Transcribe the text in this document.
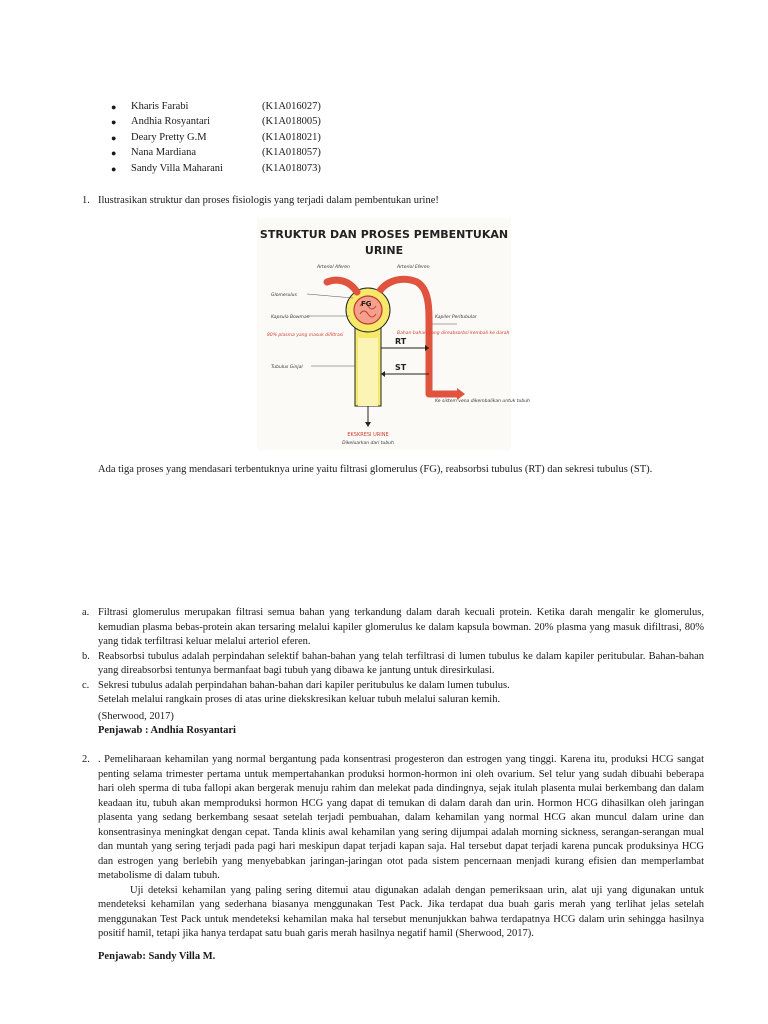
● Kharis Farabi	(K1A016027)
● Andhia Rosyantari	(K1A018005)
● Deary Pretty G.M	(K1A018021)
● Nana Mardiana	(K1A018057)
● Sandy Villa Maharani	(K1A018073)
1. Ilustrasikan struktur dan proses fisiologis yang terjadi dalam pembentukan urine!
STRUKTUR DAN PROSES PEMBENTUKAN
URINE
FG
RT
ST
Arteriol Aferen	Arteriol Eferen
Glomerulus
Kapsula Bowman	Kapiler Peritubular
Tubulus Ginjal
Ke sistem vena dikembalikan untuk tubuh
80% plasma yang masuk difiltrasi	Bahan-bahan yang direabsorbsi kembali ke darah
EKSKRESI URINE
Dikeluarkan dari tubuh
Ada tiga proses yang mendasari terbentuknya urine yaitu filtrasi glomerulus (FG), reabsorbsi tubulus (RT) dan sekresi tubulus (ST).
a. Filtrasi glomerulus merupakan filtrasi semua bahan yang terkandung dalam darah kecuali protein. Ketika darah mengalir ke glomerulus, kemudian plasma bebas-protein akan tersaring melalui kapiler glomerulus ke dalam kapsula bowman. 20% plasma yang masuk difiltrasi, 80% yang tidak terfiltrasi keluar melalui arteriol eferen.
b. Reabsorbsi tubulus adalah perpindahan selektif bahan-bahan yang telah terfiltrasi di lumen tubulus ke dalam kapiler peritubular. Bahan-bahan yang direabsorbsi tentunya bermanfaat bagi tubuh yang dibawa ke jantung untuk diresirkulasi.
c. Sekresi tubulus adalah perpindahan bahan-bahan dari kapiler peritubulus ke dalam lumen tubulus.
Setelah melalui rangkain proses di atas urine diekskresikan keluar tubuh melalui saluran kemih.
(Sherwood, 2017)
Penjawab : Andhia Rosyantari
2. . Pemeliharaan kehamilan yang normal bergantung pada konsentrasi progesteron dan estrogen yang tinggi. Karena itu, produksi HCG sangat penting selama trimester pertama untuk mempertahankan produksi hormon-hormon ini oleh ovarium. Sel telur yang sudah dibuahi beberapa hari oleh sperma di tuba fallopi akan bergerak menuju rahim dan melekat pada dindingnya, sejak itulah plasenta mulai berkembang dan dalam keadaan itu, tubuh akan memproduksi hormon HCG yang dapat di temukan di dalam darah dan urin. Hormon HCG dihasilkan oleh jaringan plasenta yang sedang berkembang sesaat setelah terjadi pembuahan, dalam kehamilan yang normal HCG akan muncul dalam urine dan konsentrasinya meningkat dengan cepat. Tanda klinis awal kehamilan yang sering dijumpai adalah morning sickness, serangan-serangan mual dan muntah yang sering terjadi pada pagi hari meskipun dapat terjadi kapan saja. Hal tersebut dapat terjadi karena puncak produksinya HCG dan estrogen yang berlebih yang menyebabkan jaringan-jaringan otot pada sistem pencernaan menjadi kurang efisien dan memperlambat metabolisme di dalam tubuh.

Uji deteksi kehamilan yang paling sering ditemui atau digunakan adalah dengan pemeriksaan urin, alat uji yang digunakan untuk mendeteksi kehamilan yang sederhana biasanya menggunakan Test Pack. Jika terdapat dua buah garis merah yang terlihat jelas setelah menggunakan Test Pack untuk mendeteksi kehamilan maka hal tersebut menunjukkan bahwa terdapatnya HCG dalam urin sehingga hasilnya positif hamil, tetapi jika hanya terdapat satu buah garis merah hasilnya negatif hamil (Sherwood, 2017).

Penjawab: Sandy Villa M.
